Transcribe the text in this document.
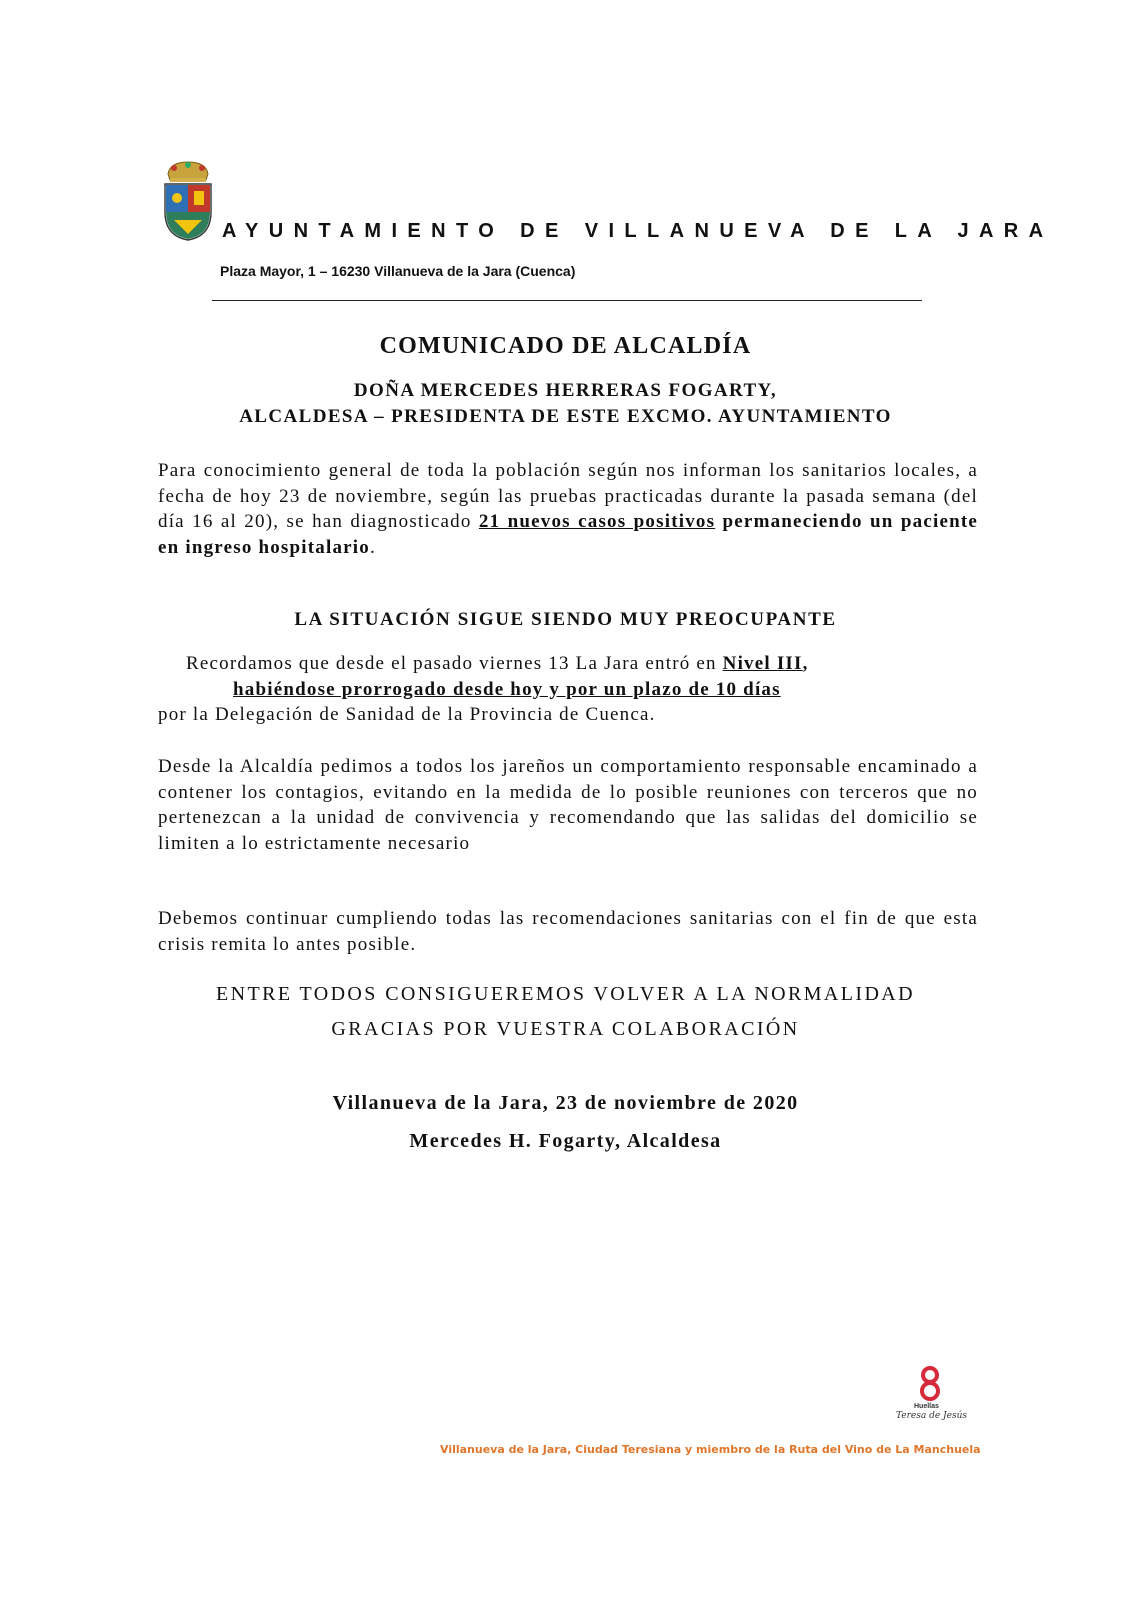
AYUNTAMIENTO DE VILLANUEVA DE LA JARA
Plaza Mayor, 1 – 16230 Villanueva de la Jara (Cuenca)
COMUNICADO DE ALCALDÍA
DOÑA MERCEDES HERRERAS FOGARTY,
ALCALDESA – PRESIDENTA DE ESTE EXCMO. AYUNTAMIENTO
Para conocimiento general de toda la población según nos informan los sanitarios locales, a fecha de hoy 23 de noviembre, según las pruebas practicadas durante la pasada semana (del día 16 al 20), se han diagnosticado 21 nuevos casos positivos permaneciendo un paciente en ingreso hospitalario.
LA SITUACIÓN SIGUE SIENDO MUY PREOCUPANTE
Recordamos que desde el pasado viernes 13 La Jara entró en Nivel III,
habiéndose prorrogado desde hoy y por un plazo de 10 días
por la Delegación de Sanidad de la Provincia de Cuenca.
Desde la Alcaldía pedimos a todos los jareños un comportamiento responsable encaminado a contener los contagios, evitando en la medida de lo posible reuniones con terceros que no pertenezcan a la unidad de convivencia y recomendando que las salidas del domicilio se limiten a lo estrictamente necesario
Debemos continuar cumpliendo todas las recomendaciones sanitarias con el fin de que esta crisis remita lo antes posible.
ENTRE TODOS CONSIGUEREMOS VOLVER A LA NORMALIDAD
GRACIAS POR VUESTRA COLABORACIÓN
Villanueva de la Jara, 23 de noviembre de 2020
Mercedes H. Fogarty, Alcaldesa
Huellas
Teresa de Jesús
Villanueva de la Jara, Ciudad Teresiana y miembro de la Ruta del Vino de La Manchuela
